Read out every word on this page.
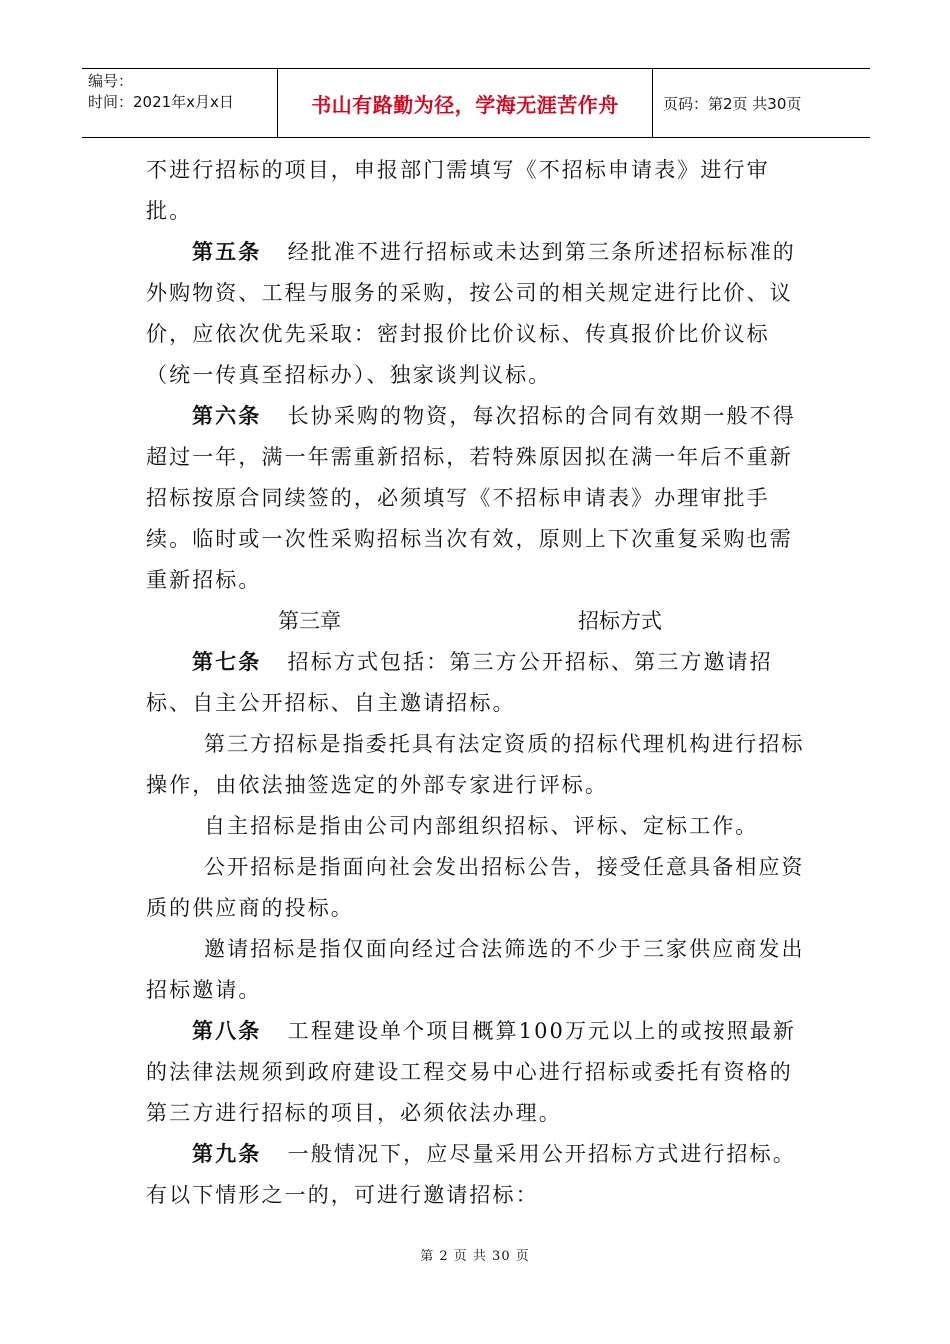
编号：
时间：2021年x月x日	书山有路勤为径，学海无涯苦作舟	页码：第2页 共30页

不进行招标的项目，申报部门需填写《不招标申请表》进行审批。

第五条 经批准不进行招标或未达到第三条所述招标标准的外购物资、工程与服务的采购，按公司的相关规定进行比价、议价，应依次优先采取：密封报价比价议标、传真报价比价议标（统一传真至招标办）、独家谈判议标。

第六条 长协采购的物资，每次招标的合同有效期一般不得超过一年，满一年需重新招标，若特殊原因拟在满一年后不重新招标按原合同续签的，必须填写《不招标申请表》办理审批手续。临时或一次性采购招标当次有效，原则上下次重复采购也需重新招标。

第三章	招标方式

第七条 招标方式包括：第三方公开招标、第三方邀请招标、自主公开招标、自主邀请招标。

第三方招标是指委托具有法定资质的招标代理机构进行招标操作，由依法抽签选定的外部专家进行评标。

自主招标是指由公司内部组织招标、评标、定标工作。

公开招标是指面向社会发出招标公告，接受任意具备相应资质的供应商的投标。

邀请招标是指仅面向经过合法筛选的不少于三家供应商发出招标邀请。

第八条 工程建设单个项目概算100万元以上的或按照最新的法律法规须到政府建设工程交易中心进行招标或委托有资格的第三方进行招标的项目，必须依法办理。

第九条 一般情况下，应尽量采用公开招标方式进行招标。有以下情形之一的，可进行邀请招标：

第 2 页 共 30 页
